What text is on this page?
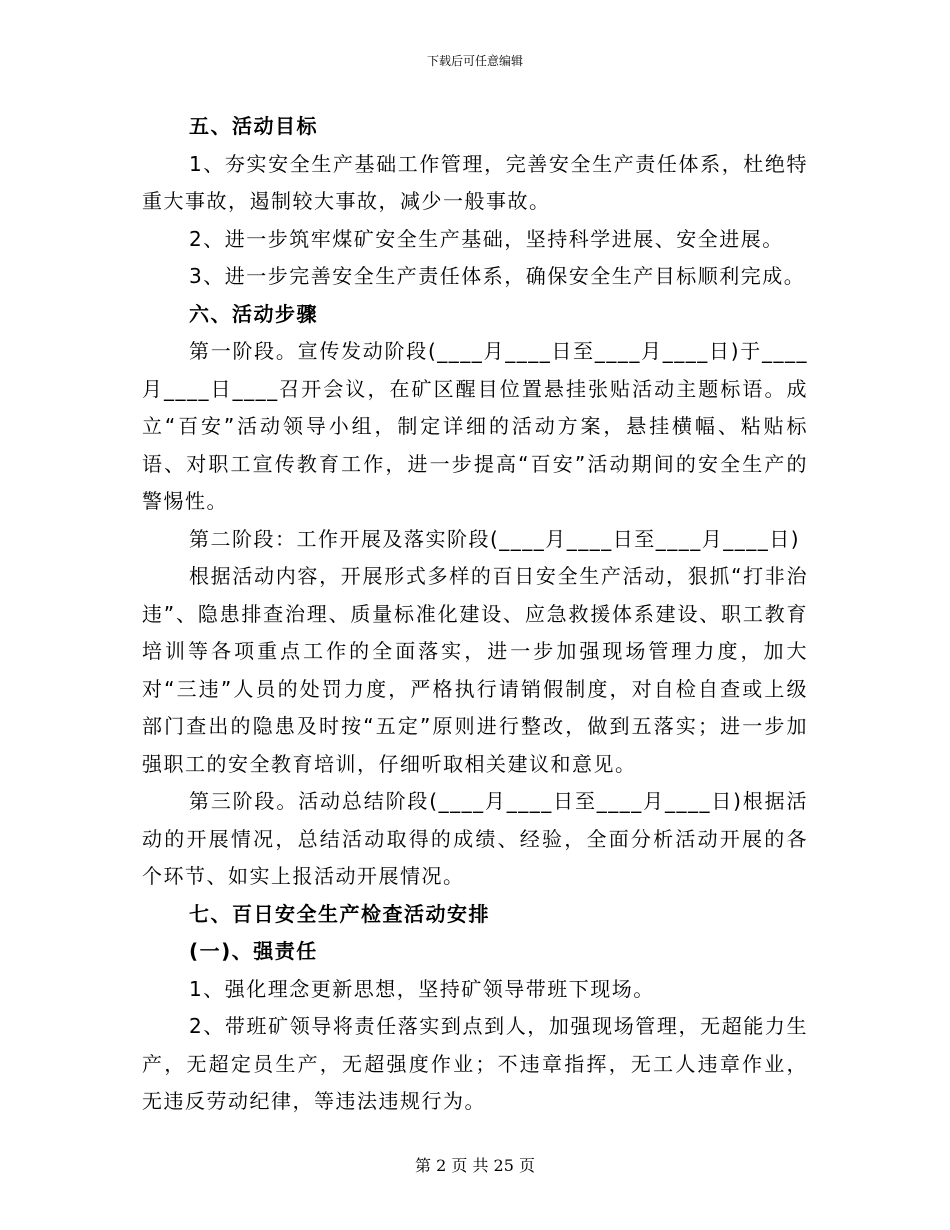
下载后可任意编辑

五、活动目标

1、夯实安全生产基础工作管理，完善安全生产责任体系，杜绝特重大事故，遏制较大事故，减少一般事故。

2、进一步筑牢煤矿安全生产基础，坚持科学进展、安全进展。

3、进一步完善安全生产责任体系，确保安全生产目标顺利完成。

六、活动步骤

第一阶段。宣传发动阶段(____月____日至____月____日)于____月____日____召开会议，在矿区醒目位置悬挂张贴活动主题标语。成立“百安”活动领导小组，制定详细的活动方案，悬挂横幅、粘贴标语、对职工宣传教育工作，进一步提高“百安”活动期间的安全生产的警惕性。

第二阶段：工作开展及落实阶段(____月____日至____月____日)

根据活动内容，开展形式多样的百日安全生产活动，狠抓“打非治违”、隐患排查治理、质量标准化建设、应急救援体系建设、职工教育培训等各项重点工作的全面落实，进一步加强现场管理力度，加大对“三违”人员的处罚力度，严格执行请销假制度，对自检自查或上级部门查出的隐患及时按“五定”原则进行整改，做到五落实；进一步加强职工的安全教育培训，仔细听取相关建议和意见。

第三阶段。活动总结阶段(____月____日至____月____日)根据活动的开展情况，总结活动取得的成绩、经验，全面分析活动开展的各个环节、如实上报活动开展情况。

七、百日安全生产检查活动安排

(一)、强责任

1、强化理念更新思想，坚持矿领导带班下现场。

2、带班矿领导将责任落实到点到人，加强现场管理，无超能力生产，无超定员生产，无超强度作业；不违章指挥，无工人违章作业，无违反劳动纪律，等违法违规行为。

第 2 页 共 25 页
